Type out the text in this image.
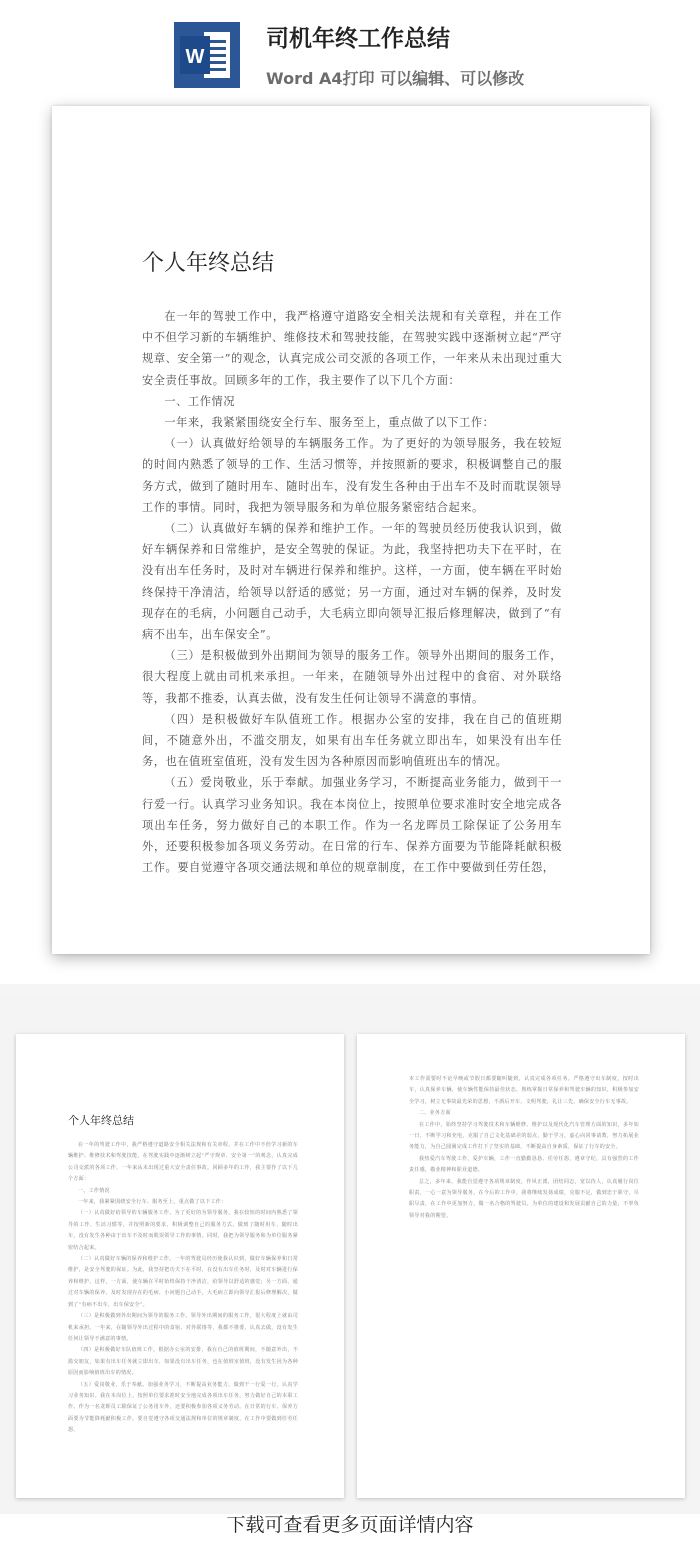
W
司机年终工作总结
Word A4打印 可以编辑、可以修改
个人年终总结

在一年的驾驶工作中，我严格遵守道路安全相关法规和有关章程，并在工作中不但学习新的车辆维护、维修技术和驾驶技能，在驾驶实践中逐渐树立起“严守规章、安全第一”的观念，认真完成公司交派的各项工作，一年来从未出现过重大安全责任事故。回顾多年的工作，我主要作了以下几个方面：

一、工作情况

一年来，我紧紧围绕安全行车、服务至上，重点做了以下工作：

（一）认真做好给领导的车辆服务工作。为了更好的为领导服务，我在较短的时间内熟悉了领导的工作、生活习惯等，并按照新的要求，积极调整自己的服务方式，做到了随时用车、随时出车，没有发生各种由于出车不及时而耽误领导工作的事情。同时，我把为领导服务和为单位服务紧密结合起来。

（二）认真做好车辆的保养和维护工作。一年的驾驶员经历使我认识到，做好车辆保养和日常维护，是安全驾驶的保证。为此，我坚持把功夫下在平时，在没有出车任务时，及时对车辆进行保养和维护。这样，一方面，使车辆在平时始终保持干净清洁，给领导以舒适的感觉；另一方面，通过对车辆的保养，及时发现存在的毛病，小问题自己动手，大毛病立即向领导汇报后修理解决，做到了“有病不出车，出车保安全”。

（三）是积极做到外出期间为领导的服务工作。领导外出期间的服务工作，很大程度上就由司机来承担。一年来，在随领导外出过程中的食宿、对外联络等，我都不推委，认真去做，没有发生任何让领导不满意的事情。

（四）是积极做好车队值班工作。根据办公室的安排，我在自己的值班期间，不随意外出，不滥交朋友，如果有出车任务就立即出车，如果没有出车任务，也在值班室值班，没有发生因为各种原因而影响值班出车的情况。

（五）爱岗敬业，乐于奉献。加强业务学习，不断提高业务能力，做到干一行爱一行。认真学习业务知识。我在本岗位上，按照单位要求准时安全地完成各项出车任务，努力做好自己的本职工作。作为一名龙晖员工除保证了公务用车外，还要积极参加各项义务劳动。在日常的行车、保养方面要为节能降耗献积极工作。要自觉遵守各项交通法规和单位的规章制度，在工作中要做到任劳任怨，

个人年终总结

在一年的驾驶工作中，我严格遵守道路安全相关法规和有关章程，并在工作中不但学习新的车辆维护、维修技术和驾驶技能，在驾驶实践中逐渐树立起“严守规章、安全第一”的观念，认真完成公司交派的各项工作，一年来从未出现过重大安全责任事故。回顾多年的工作，我主要作了以下几个方面：

一、工作情况

一年来，我紧紧围绕安全行车、服务至上，重点做了以下工作：

（一）认真做好给领导的车辆服务工作。为了更好的为领导服务，我在较短的时间内熟悉了领导的工作、生活习惯等，并按照新的要求，积极调整自己的服务方式，做到了随时用车、随时出车，没有发生各种由于出车不及时而耽误领导工作的事情。同时，我把为领导服务和为单位服务紧密结合起来。

（二）认真做好车辆的保养和维护工作。一年的驾驶员经历使我认识到，做好车辆保养和日常维护，是安全驾驶的保证。为此，我坚持把功夫下在平时，在没有出车任务时，及时对车辆进行保养和维护。这样，一方面，使车辆在平时始终保持干净清洁，给领导以舒适的感觉；另一方面，通过对车辆的保养，及时发现存在的毛病，小问题自己动手，大毛病立即向领导汇报后修理解决，做到了“有病不出车，出车保安全”。

（三）是积极做到外出期间为领导的服务工作。领导外出期间的服务工作，很大程度上就由司机来承担。一年来，在随领导外出过程中的食宿、对外联络等，我都不推委，认真去做，没有发生任何让领导不满意的事情。

（四）是积极做好车队值班工作。根据办公室的安排，我在自己的值班期间，不随意外出，不滥交朋友，如果有出车任务就立即出车，如果没有出车任务，也在值班室值班，没有发生因为各种原因而影响值班出车的情况。

（五）爱岗敬业，乐于奉献。加强业务学习，不断提高业务能力，做到干一行爱一行。认真学习业务知识。我在本岗位上，按照单位要求准时安全地完成各项出车任务，努力做好自己的本职工作。作为一名龙晖员工除保证了公务用车外，还要积极参加各项义务劳动。在日常的行车、保养方面要为节能降耗献积极工作。要自觉遵守各项交通法规和单位的规章制度，在工作中要做到任劳任怨，

本工作需要时不论早晚或节假日都要随叫随到，认真完成各项任务。严格遵守出车制度，按时出车，认真保养车辆，使车辆性能保持最佳状态，熟练掌握日常保养和驾驶车辆的知识，积极参加安全学习，树立无事故最光荣的思想，不酒后开车，文明驾驶，礼让三先，确保安全行车无事故。

二、业务方面

在工作中，始终坚持学习驾驶技术和车辆维修、维护以及现代化汽车管理方面的知识，多年如一日，不断学习和充电，克服了自己文化基础差的弱点，勤于学习，虚心向同事请教，努力拓展业务能力，为自己圆满完成工作打下了坚实的基础，不断提高自身素质，保证了行车的安全。

我热爱汽车驾驶工作，爱护车辆，工作一直勤勤恳恳、任劳任怨，遵章守纪，具有强烈的工作责任感，敬业精神和职业道德。

总之，多年来，我能自觉遵守各项规章制度，作风正派，团结同志，宽以待人，认真履行岗位职责，一心一意为领导服务。在今后的工作中，我将继续发扬成绩，克服不足，做到忠于职守，尽职尽责，在工作中更加努力，做一名合格的驾驶员，为单位的建设和发展贡献自己的力量，不辜负领导对我的期望。

下载可查看更多页面详情内容
